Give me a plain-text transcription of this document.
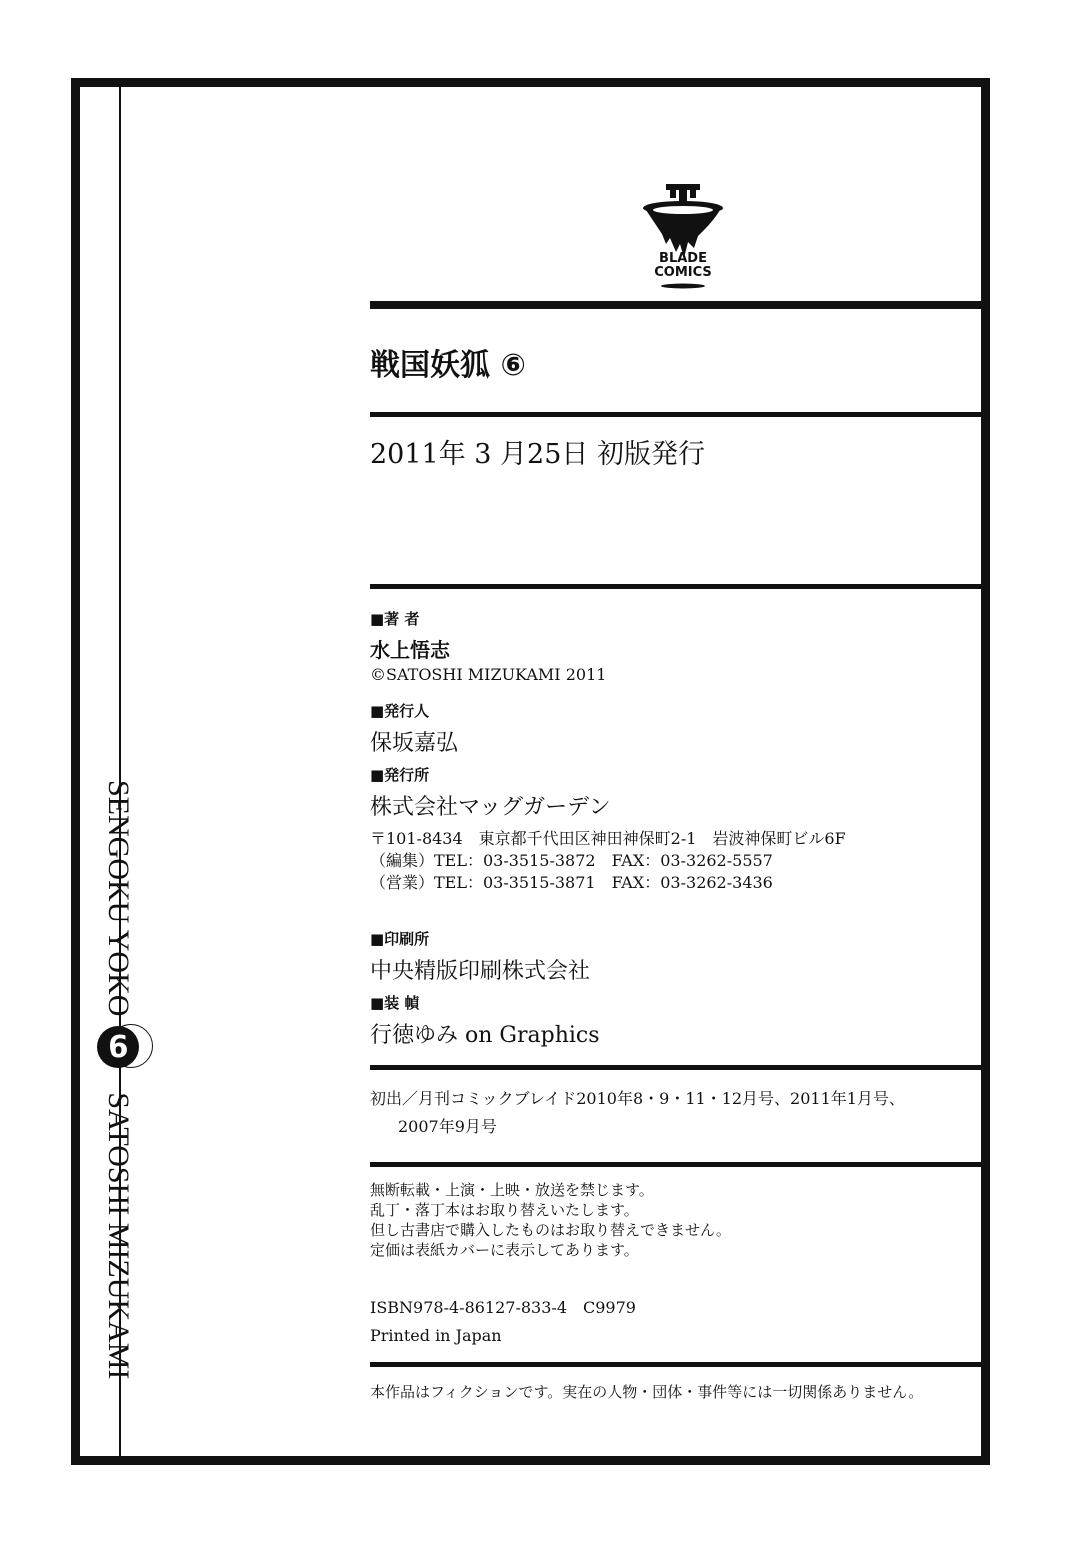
SENGOKU YOKO
6
SATOSHI MIZUKAMI
BLADE
COMICS
戦国妖狐 ⑥
2011年 3 月25日 初版発行
■著 者
水上悟志
©SATOSHI MIZUKAMI 2011
■発行人
保坂嘉弘
■発行所
株式会社マッグガーデン
〒101-8434　東京都千代田区神田神保町2-1　岩波神保町ビル6F
（編集）TEL：03-3515-3872　FAX：03-3262-5557
（営業）TEL：03-3515-3871　FAX：03-3262-3436
■印刷所
中央精版印刷株式会社
■装 幀
行徳ゆみ on Graphics
初出／月刊コミックブレイド2010年8・9・11・12月号、2011年1月号、
2007年9月号
無断転載・上演・上映・放送を禁じます。
乱丁・落丁本はお取り替えいたします。
但し古書店で購入したものはお取り替えできません。
定価は表紙カバーに表示してあります。
ISBN978-4-86127-833-4　C9979
Printed in Japan
本作品はフィクションです。実在の人物・団体・事件等には一切関係ありません。
